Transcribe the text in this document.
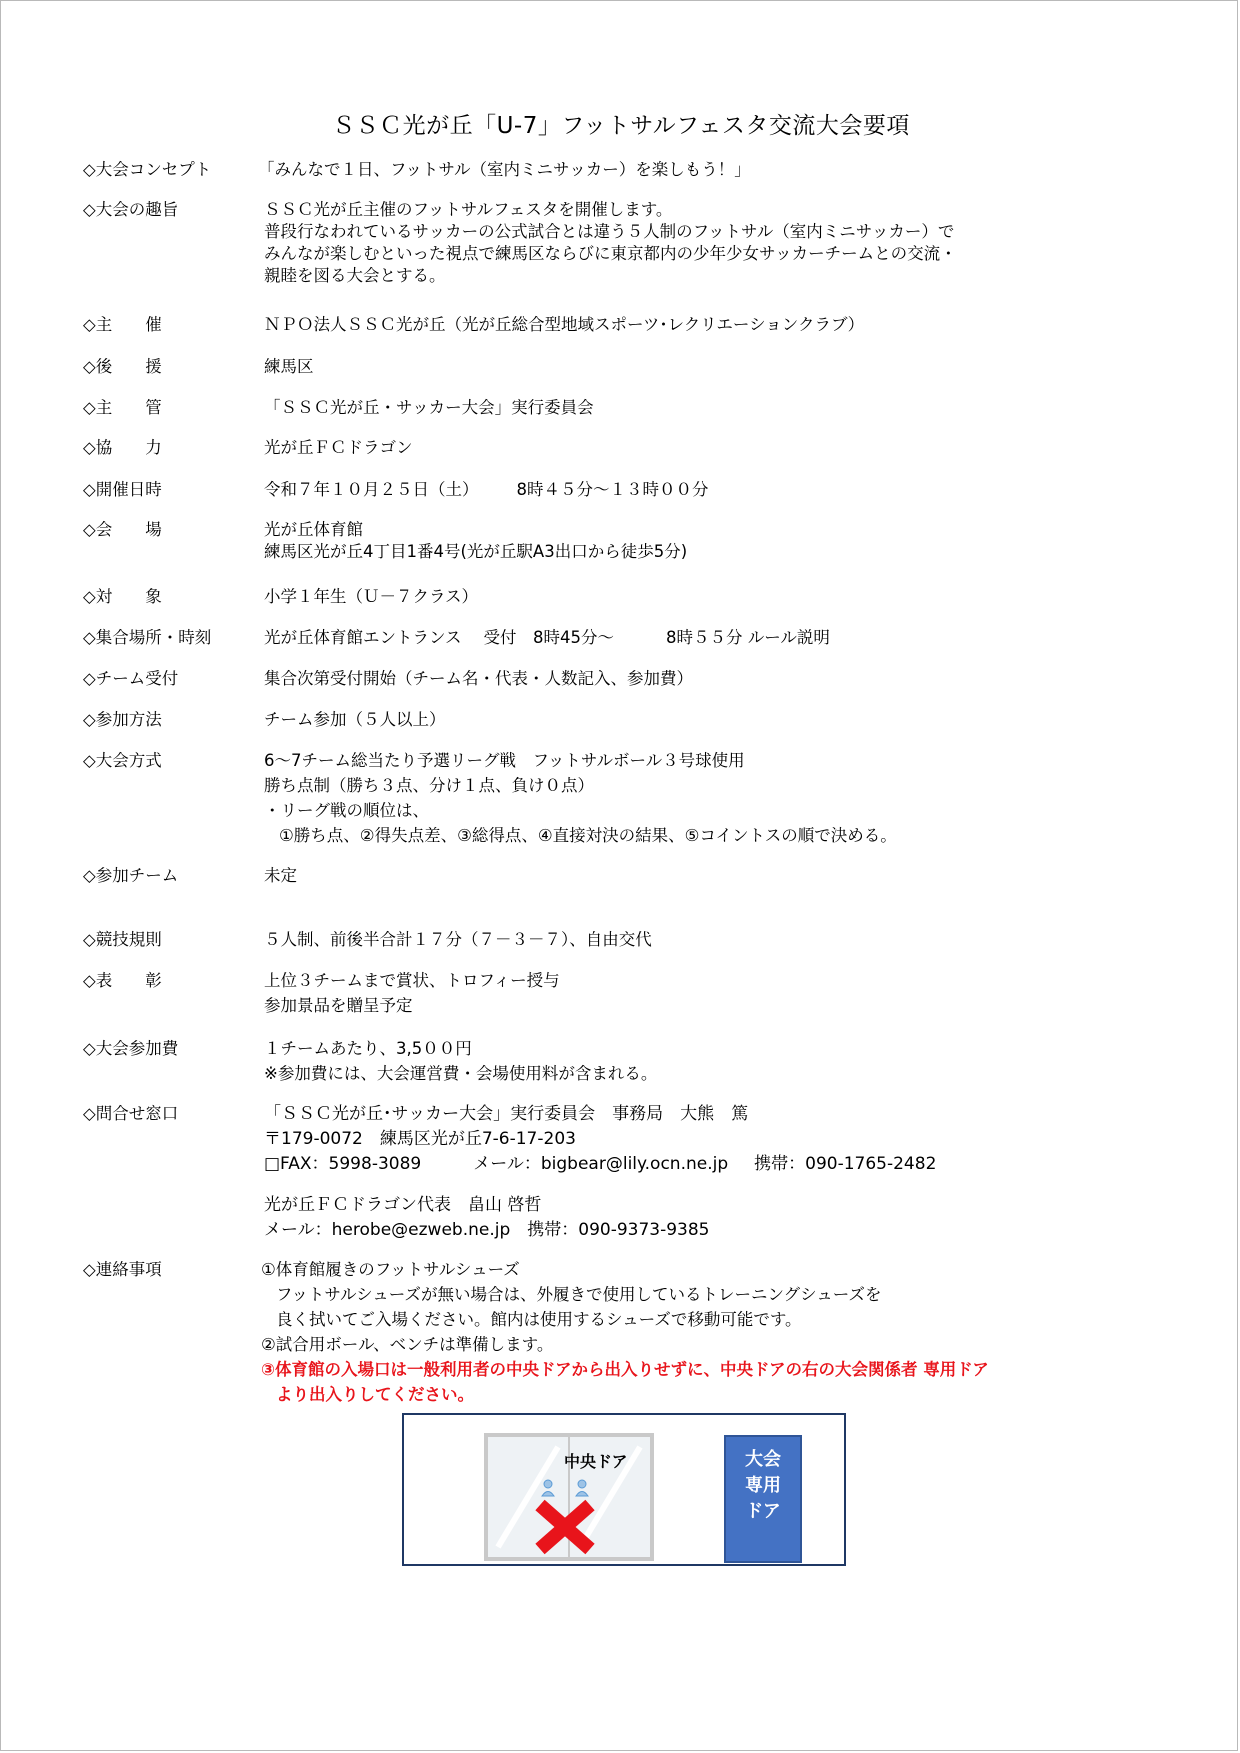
ＳＳＣ光が丘「U-7」フットサルフェスタ交流大会要項
◇大会コンセプト	「みんなで１日、フットサル（室内ミニサッカー）を楽しもう！」
◇大会の趣旨	ＳＳＣ光が丘主催のフットサルフェスタを開催します。
普段行なわれているサッカーの公式試合とは違う５人制のフットサル（室内ミニサッカー）で
みんなが楽しむといった視点で練馬区ならびに東京都内の少年少女サッカーチームとの交流・
親睦を図る大会とする。
◇主　　催	ＮＰＯ法人ＳＳＣ光が丘（光が丘総合型地域スポーツ･レクリエーションクラブ）
◇後　　援	練馬区
◇主　　管	「ＳＳＣ光が丘・サッカー大会」実行委員会
◇協　　力	光が丘ＦＣドラゴン
◇開催日時	令和７年１０月２５日（土） 8時４５分～１３時００分
◇会　　場	光が丘体育館
練馬区光が丘4丁目1番4号(光が丘駅A3出口から徒歩5分)
◇対　　象	小学１年生（Ｕ－７クラス）
◇集合場所・時刻	光が丘体育館エントランス 受付　8時45分～	8時５５分 ルール説明
◇チーム受付	集合次第受付開始（チーム名・代表・人数記入、参加費）
◇参加方法	チーム参加（５人以上）
◇大会方式	6～7チーム総当たり予選リーグ戦　フットサルボール３号球使用
勝ち点制（勝ち３点、分け１点、負け０点）
・リーグ戦の順位は、
①勝ち点、②得失点差、③総得点、④直接対決の結果、⑤コイントスの順で決める。
◇参加チーム	未定
◇競技規則	５人制、前後半合計１７分（７－３－７）、自由交代
◇表　　彰	上位３チームまで賞状、トロフィー授与
参加景品を贈呈予定
◇大会参加費	１チームあたり、3,5００円
※参加費には、大会運営費・会場使用料が含まれる。
◇問合せ窓口	「ＳＳＣ光が丘･サッカー大会」実行委員会　事務局　大熊　篤
〒179-0072　練馬区光が丘7-6-17-203
□FAX：5998-3089	メール：bigbear@lily.ocn.ne.jp 携帯：090-1765-2482
光が丘ＦＣドラゴン代表　畠山 啓哲
メール：herobe@ezweb.ne.jp　携帯：090-9373-9385
◇連絡事項	①体育館履きのフットサルシューズ
フットサルシューズが無い場合は、外履きで使用しているトレーニングシューズを
良く拭いてご入場ください。館内は使用するシューズで移動可能です。
②試合用ボール、ベンチは準備します。
③体育館の入場口は一般利用者の中央ドアから出入りせずに、中央ドアの右の大会関係者 専用ドア
より出入りしてください。
中央ドア	大会
専用
ドア
